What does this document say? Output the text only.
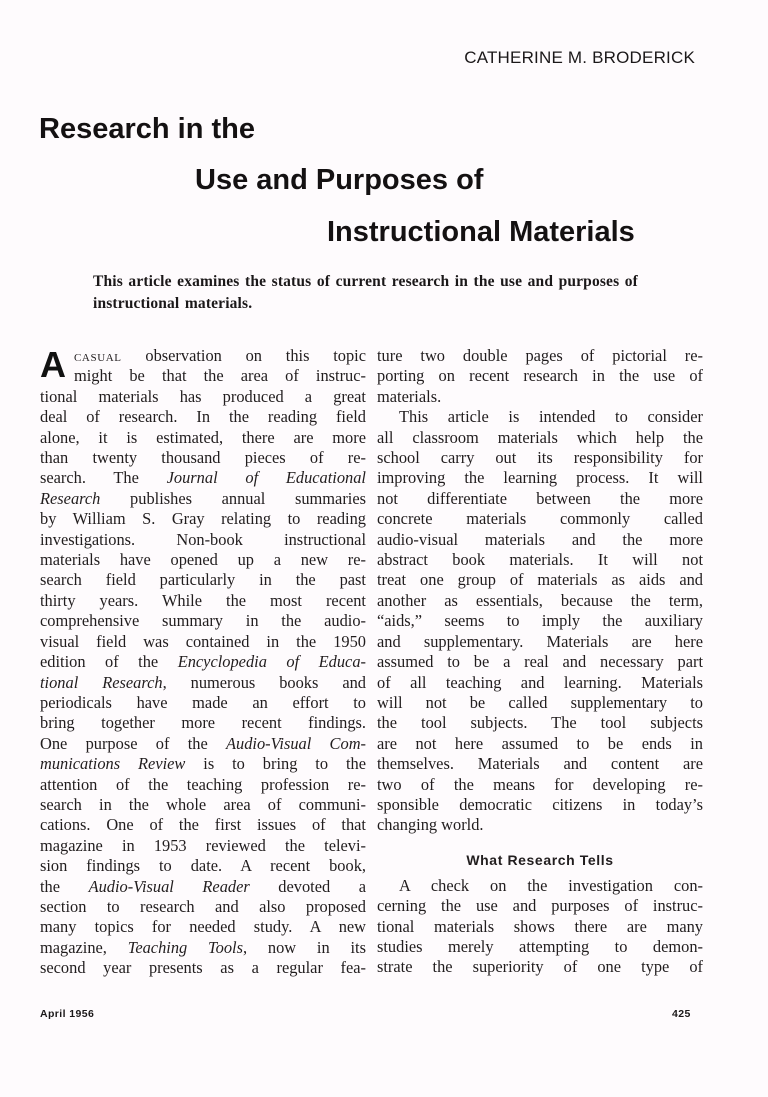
CATHERINE M. BRODERICK
Research in the
Use and Purposes of
Instructional Materials
This article examines the status of current research in the use and purposes of instructional materials.
A casual observation on this topic
might be that the area of instruc-
tional materials has produced a great
deal of research. In the reading field
alone, it is estimated, there are more
than twenty thousand pieces of re-
search. The Journal of Educational
Research publishes annual summaries
by William S. Gray relating to reading
investigations. Non-book instructional
materials have opened up a new re-
search field particularly in the past
thirty years. While the most recent
comprehensive summary in the audio-
visual field was contained in the 1950
edition of the Encyclopedia of Educa-
tional Research, numerous books and
periodicals have made an effort to
bring together more recent findings.
One purpose of the Audio-Visual Com-
munications Review is to bring to the
attention of the teaching profession re-
search in the whole area of communi-
cations. One of the first issues of that
magazine in 1953 reviewed the televi-
sion findings to date. A recent book,
the Audio-Visual Reader devoted a
section to research and also proposed
many topics for needed study. A new
magazine, Teaching Tools, now in its
second year presents as a regular fea-
ture two double pages of pictorial re-
porting on recent research in the use of
materials.
This article is intended to consider
all classroom materials which help the
school carry out its responsibility for
improving the learning process. It will
not differentiate between the more
concrete materials commonly called
audio-visual materials and the more
abstract book materials. It will not
treat one group of materials as aids and
another as essentials, because the term,
“aids,” seems to imply the auxiliary
and supplementary. Materials are here
assumed to be a real and necessary part
of all teaching and learning. Materials
will not be called supplementary to
the tool subjects. The tool subjects
are not here assumed to be ends in
themselves. Materials and content are
two of the means for developing re-
sponsible democratic citizens in today’s
changing world.
What Research Tells
A check on the investigation con-
cerning the use and purposes of instruc-
tional materials shows there are many
studies merely attempting to demon-
strate the superiority of one type of
April 1956	425
